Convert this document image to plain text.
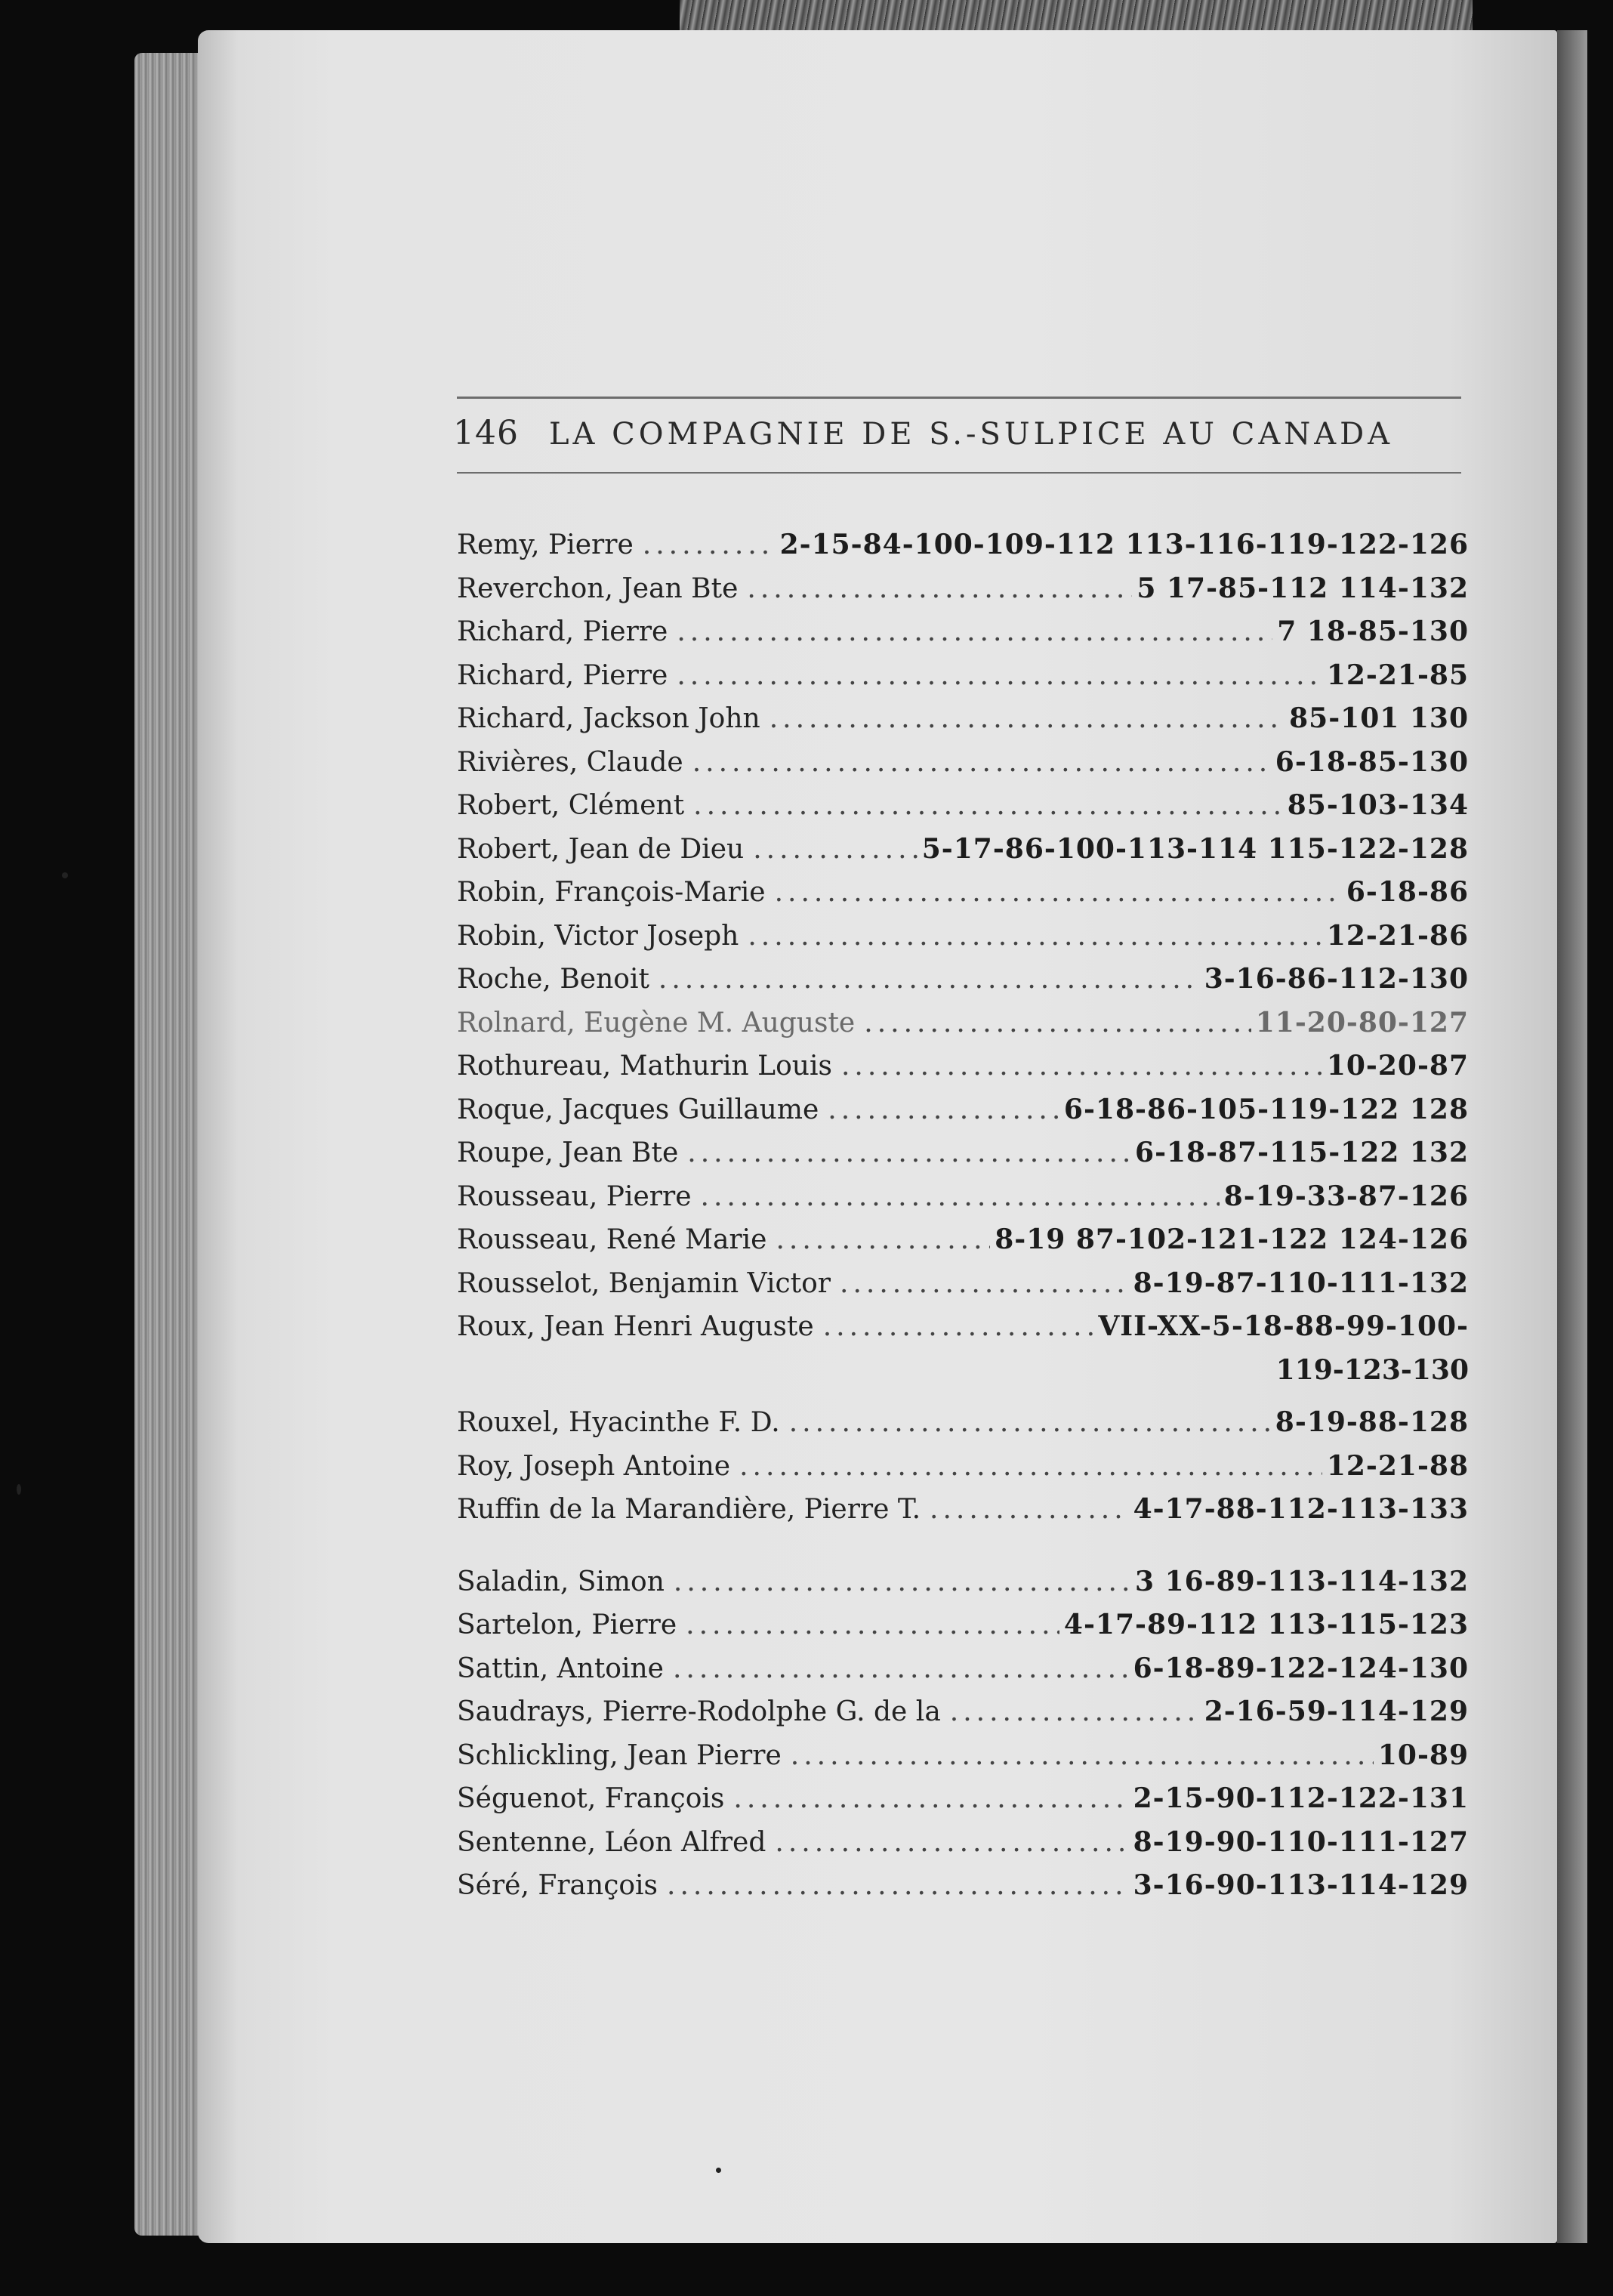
146 LA COMPAGNIE DE S.-SULPICE AU CANADA
Remy, Pierre .....	2-15-84-100-109-112 113-116-119-122-126
Reverchon, Jean Bte .....	5 17-85-112 114-132
Richard, Pierre .....	7 18-85-130
Richard, Pierre .....	12-21-85
Richard, Jackson John .....	85-101 130
Rivières, Claude .....	6-18-85-130
Robert, Clément .....	85-103-134
Robert, Jean de Dieu .....	5-17-86-100-113-114 115-122-128
Robin, François-Marie .....	6-18-86
Robin, Victor Joseph .....	12-21-86
Roche, Benoit .....	3-16-86-112-130
Rolnard, Eugène M. Auguste .....	11-20-80-127
Rothureau, Mathurin Louis .....	10-20-87
Roque, Jacques Guillaume .....	6-18-86-105-119-122 128
Roupe, Jean Bte .....	6-18-87-115-122 132
Rousseau, Pierre .....	8-19-33-87-126
Rousseau, René Marie .....	8-19 87-102-121-122 124-126
Rousselot, Benjamin Victor .....	8-19-87-110-111-132
Roux, Jean Henri Auguste .....	VII-XX-5-18-88-99-100-
119-123-130
Rouxel, Hyacinthe F. D. .....	8-19-88-128
Roy, Joseph Antoine .....	12-21-88
Ruffin de la Marandière, Pierre T. .....	4-17-88-112-113-133
Saladin, Simon .....	3 16-89-113-114-132
Sartelon, Pierre .....	4-17-89-112 113-115-123
Sattin, Antoine .....	6-18-89-122-124-130
Saudrays, Pierre-Rodolphe G. de la .....	2-16-59-114-129
Schlickling, Jean Pierre .....	10-89
Séguenot, François .....	2-15-90-112-122-131
Sentenne, Léon Alfred .....	8-19-90-110-111-127
Séré, François .....	3-16-90-113-114-129
